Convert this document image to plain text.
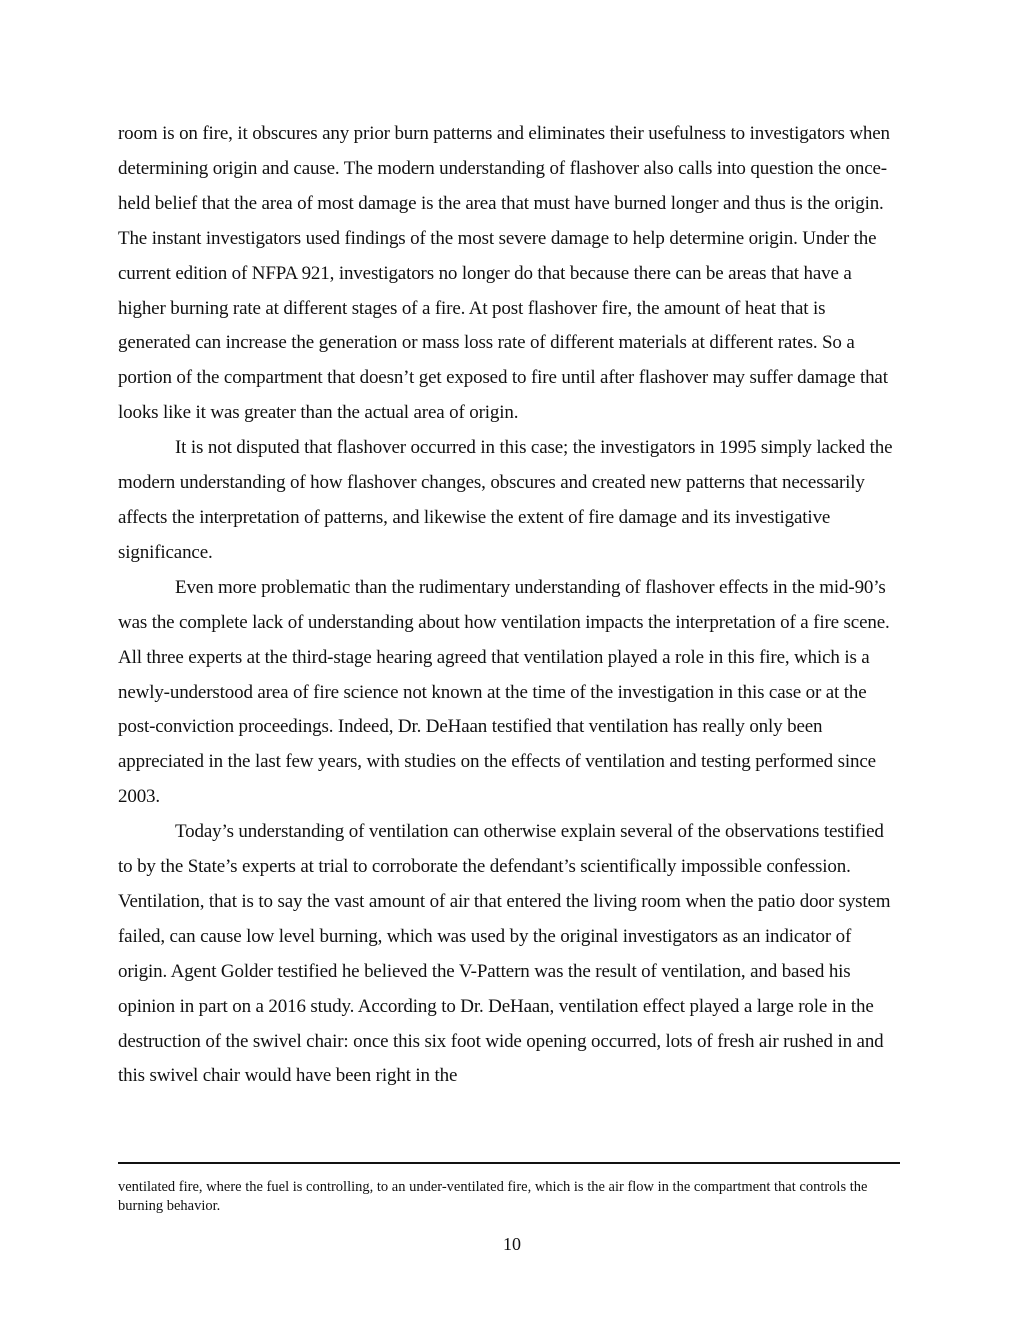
room is on fire, it obscures any prior burn patterns and eliminates their usefulness to investigators when determining origin and cause. The modern understanding of flashover also calls into question the once-held belief that the area of most damage is the area that must have burned longer and thus is the origin. The instant investigators used findings of the most severe damage to help determine origin. Under the current edition of NFPA 921, investigators no longer do that because there can be areas that have a higher burning rate at different stages of a fire. At post flashover fire, the amount of heat that is generated can increase the generation or mass loss rate of different materials at different rates. So a portion of the compartment that doesn’t get exposed to fire until after flashover may suffer damage that looks like it was greater than the actual area of origin.

It is not disputed that flashover occurred in this case; the investigators in 1995 simply lacked the modern understanding of how flashover changes, obscures and created new patterns that necessarily affects the interpretation of patterns, and likewise the extent of fire damage and its investigative significance.

Even more problematic than the rudimentary understanding of flashover effects in the mid-90’s was the complete lack of understanding about how ventilation impacts the interpretation of a fire scene. All three experts at the third-stage hearing agreed that ventilation played a role in this fire, which is a newly-understood area of fire science not known at the time of the investigation in this case or at the post-conviction proceedings. Indeed, Dr. DeHaan testified that ventilation has really only been appreciated in the last few years, with studies on the effects of ventilation and testing performed since 2003.

Today’s understanding of ventilation can otherwise explain several of the observations testified to by the State’s experts at trial to corroborate the defendant’s scientifically impossible confession. Ventilation, that is to say the vast amount of air that entered the living room when the patio door system failed, can cause low level burning, which was used by the original investigators as an indicator of origin. Agent Golder testified he believed the V-Pattern was the result of ventilation, and based his opinion in part on a 2016 study. According to Dr. DeHaan, ventilation effect played a large role in the destruction of the swivel chair: once this six foot wide opening occurred, lots of fresh air rushed in and this swivel chair would have been right in the

ventilated fire, where the fuel is controlling, to an under-ventilated fire, which is the air flow in the compartment that controls the burning behavior.

10
